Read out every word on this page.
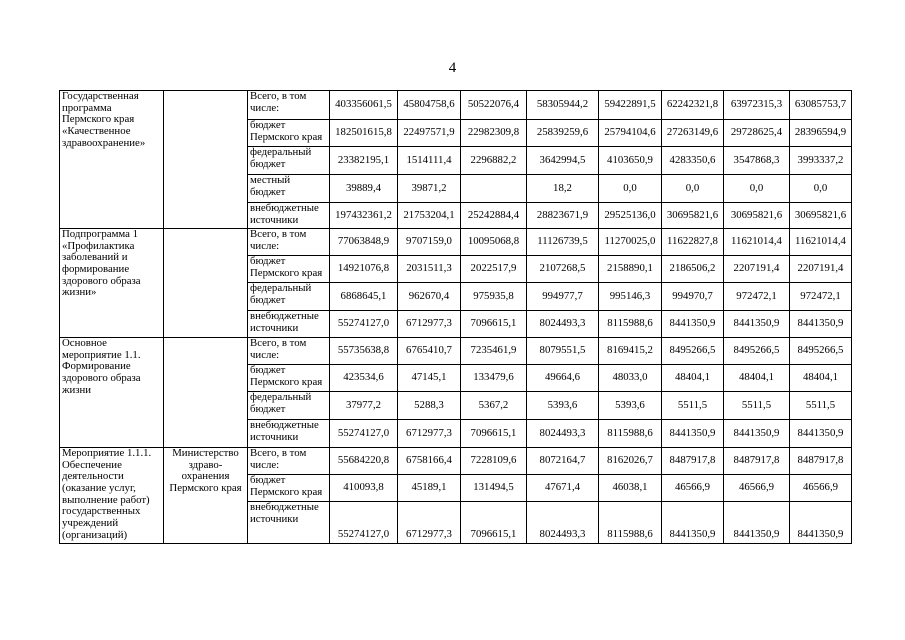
4
Государственная программа Пермского края «Качественное здравоохранение»		Всего, в том числе:	403356061,5	45804758,6	50522076,4	58305944,2	59422891,5	62242321,8	63972315,3	63085753,7
		бюджет Пермского края	182501615,8	22497571,9	22982309,8	25839259,6	25794104,6	27263149,6	29728625,4	28396594,9
		федеральный бюджет	23382195,1	1514111,4	2296882,2	3642994,5	4103650,9	4283350,6	3547868,3	3993337,2
		местный бюджет	39889,4	39871,2		18,2	0,0	0,0	0,0	0,0
		внебюджетные источники	197432361,2	21753204,1	25242884,4	28823671,9	29525136,0	30695821,6	30695821,6	30695821,6
Подпрограмма 1 «Профилактика заболеваний и формирование здорового образа жизни»		Всего, в том числе:	77063848,9	9707159,0	10095068,8	11126739,5	11270025,0	11622827,8	11621014,4	11621014,4
		бюджет Пермского края	14921076,8	2031511,3	2022517,9	2107268,5	2158890,1	2186506,2	2207191,4	2207191,4
		федеральный бюджет	6868645,1	962670,4	975935,8	994977,7	995146,3	994970,7	972472,1	972472,1
		внебюджетные источники	55274127,0	6712977,3	7096615,1	8024493,3	8115988,6	8441350,9	8441350,9	8441350,9
Основное мероприятие 1.1. Формирование здорового образа жизни		Всего, в том числе:	55735638,8	6765410,7	7235461,9	8079551,5	8169415,2	8495266,5	8495266,5	8495266,5
		бюджет Пермского края	423534,6	47145,1	133479,6	49664,6	48033,0	48404,1	48404,1	48404,1
		федеральный бюджет	37977,2	5288,3	5367,2	5393,6	5393,6	5511,5	5511,5	5511,5
		внебюджетные источники	55274127,0	6712977,3	7096615,1	8024493,3	8115988,6	8441350,9	8441350,9	8441350,9
Мероприятие 1.1.1. Обеспечение деятельности (оказание услуг, выполнение работ) государственных учреждений (организаций)	Министерство здраво-охранения Пермского края	Всего, в том числе:	55684220,8	6758166,4	7228109,6	8072164,7	8162026,7	8487917,8	8487917,8	8487917,8
		бюджет Пермского края	410093,8	45189,1	131494,5	47671,4	46038,1	46566,9	46566,9	46566,9
		внебюджетные источники	55274127,0	6712977,3	7096615,1	8024493,3	8115988,6	8441350,9	8441350,9	8441350,9
